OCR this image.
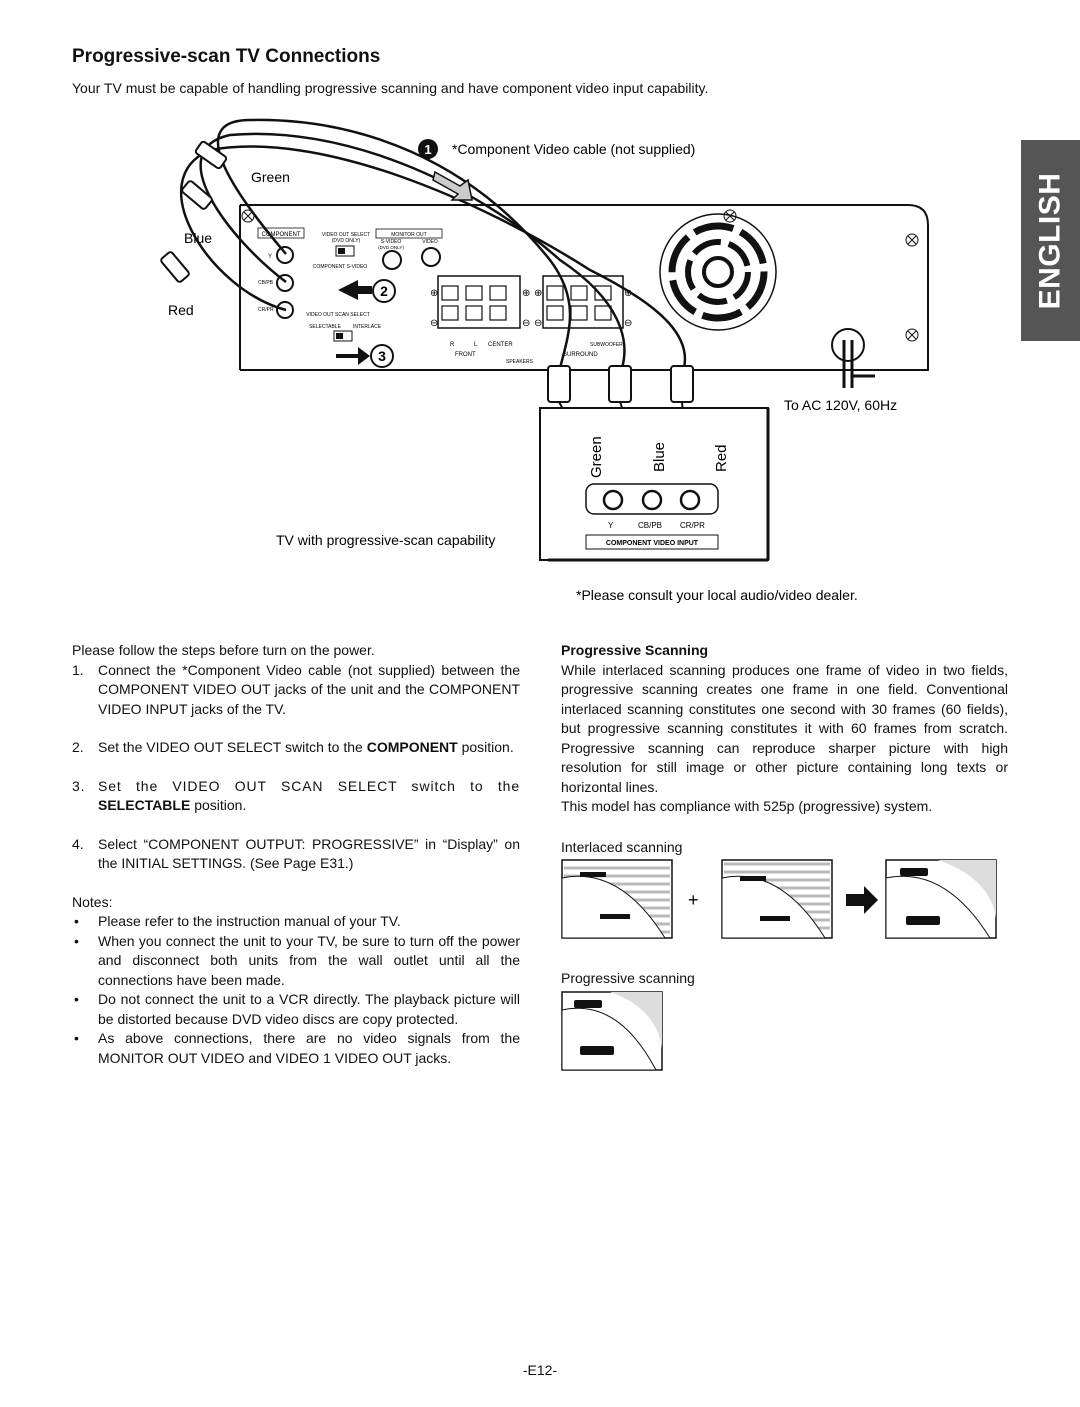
Progressive-scan TV Connections
Your TV must be capable of handling progressive scanning and have component video input capability.
ENGLISH
COMPONENT
Y
CB/PB
CR/PR
VIDEO OUT SELECT
(DVD ONLY)
COMPONENT S-VIDEO
MONITOR OUT
S-VIDEO
(DVD ONLY)
VIDEO
VIDEO OUT SCAN SELECT
SELECTABLE INTERLACE
⊕
⊖
⊕
⊖
⊕
⊖
⊕
⊖
R	L
FRONT
CENTER
SURROUND
SUBWOOFER
SPEAKERS
1
2
3
Y	CB/PB CR/PR
COMPONENT VIDEO INPUT
Green	Blue	Red
*Component Video cable (not supplied)
Green
Blue
Red
To AC 120V, 60Hz
TV with progressive-scan capability
*Please consult your local audio/video dealer.
Please follow the steps before turn on the power.
1. Connect the *Component Video cable (not supplied) between the COMPONENT VIDEO OUT jacks of the unit and the COMPONENT VIDEO INPUT jacks of the TV.
2. Set the VIDEO OUT SELECT switch to the COMPONENT position.
3. Set the VIDEO OUT SCAN SELECT switch to the SELECTABLE position.
4. Select “COMPONENT OUTPUT: PROGRESSIVE” in “Display” on the INITIAL SETTINGS. (See Page E31.)
Notes:
• Please refer to the instruction manual of your TV.
• When you connect the unit to your TV, be sure to turn off the power and disconnect both units from the wall outlet until all the connections have been made.
• Do not connect the unit to a VCR directly. The playback picture will be distorted because DVD video discs are copy protected.
• As above connections, there are no video signals from the MONITOR OUT VIDEO and VIDEO 1 VIDEO OUT jacks.
Progressive Scanning
While interlaced scanning produces one frame of video in two fields, progressive scanning creates one frame in one field. Conventional interlaced scanning constitutes one second with 30 frames (60 fields), but progressive scanning constitutes it with 60 frames from scratch. Progressive scanning can reproduce sharper picture with high resolution for still image or other picture containing long texts or horizontal lines.
This model has compliance with 525p (progressive) system.
Interlaced scanning
Progressive scanning
+
-E12-
